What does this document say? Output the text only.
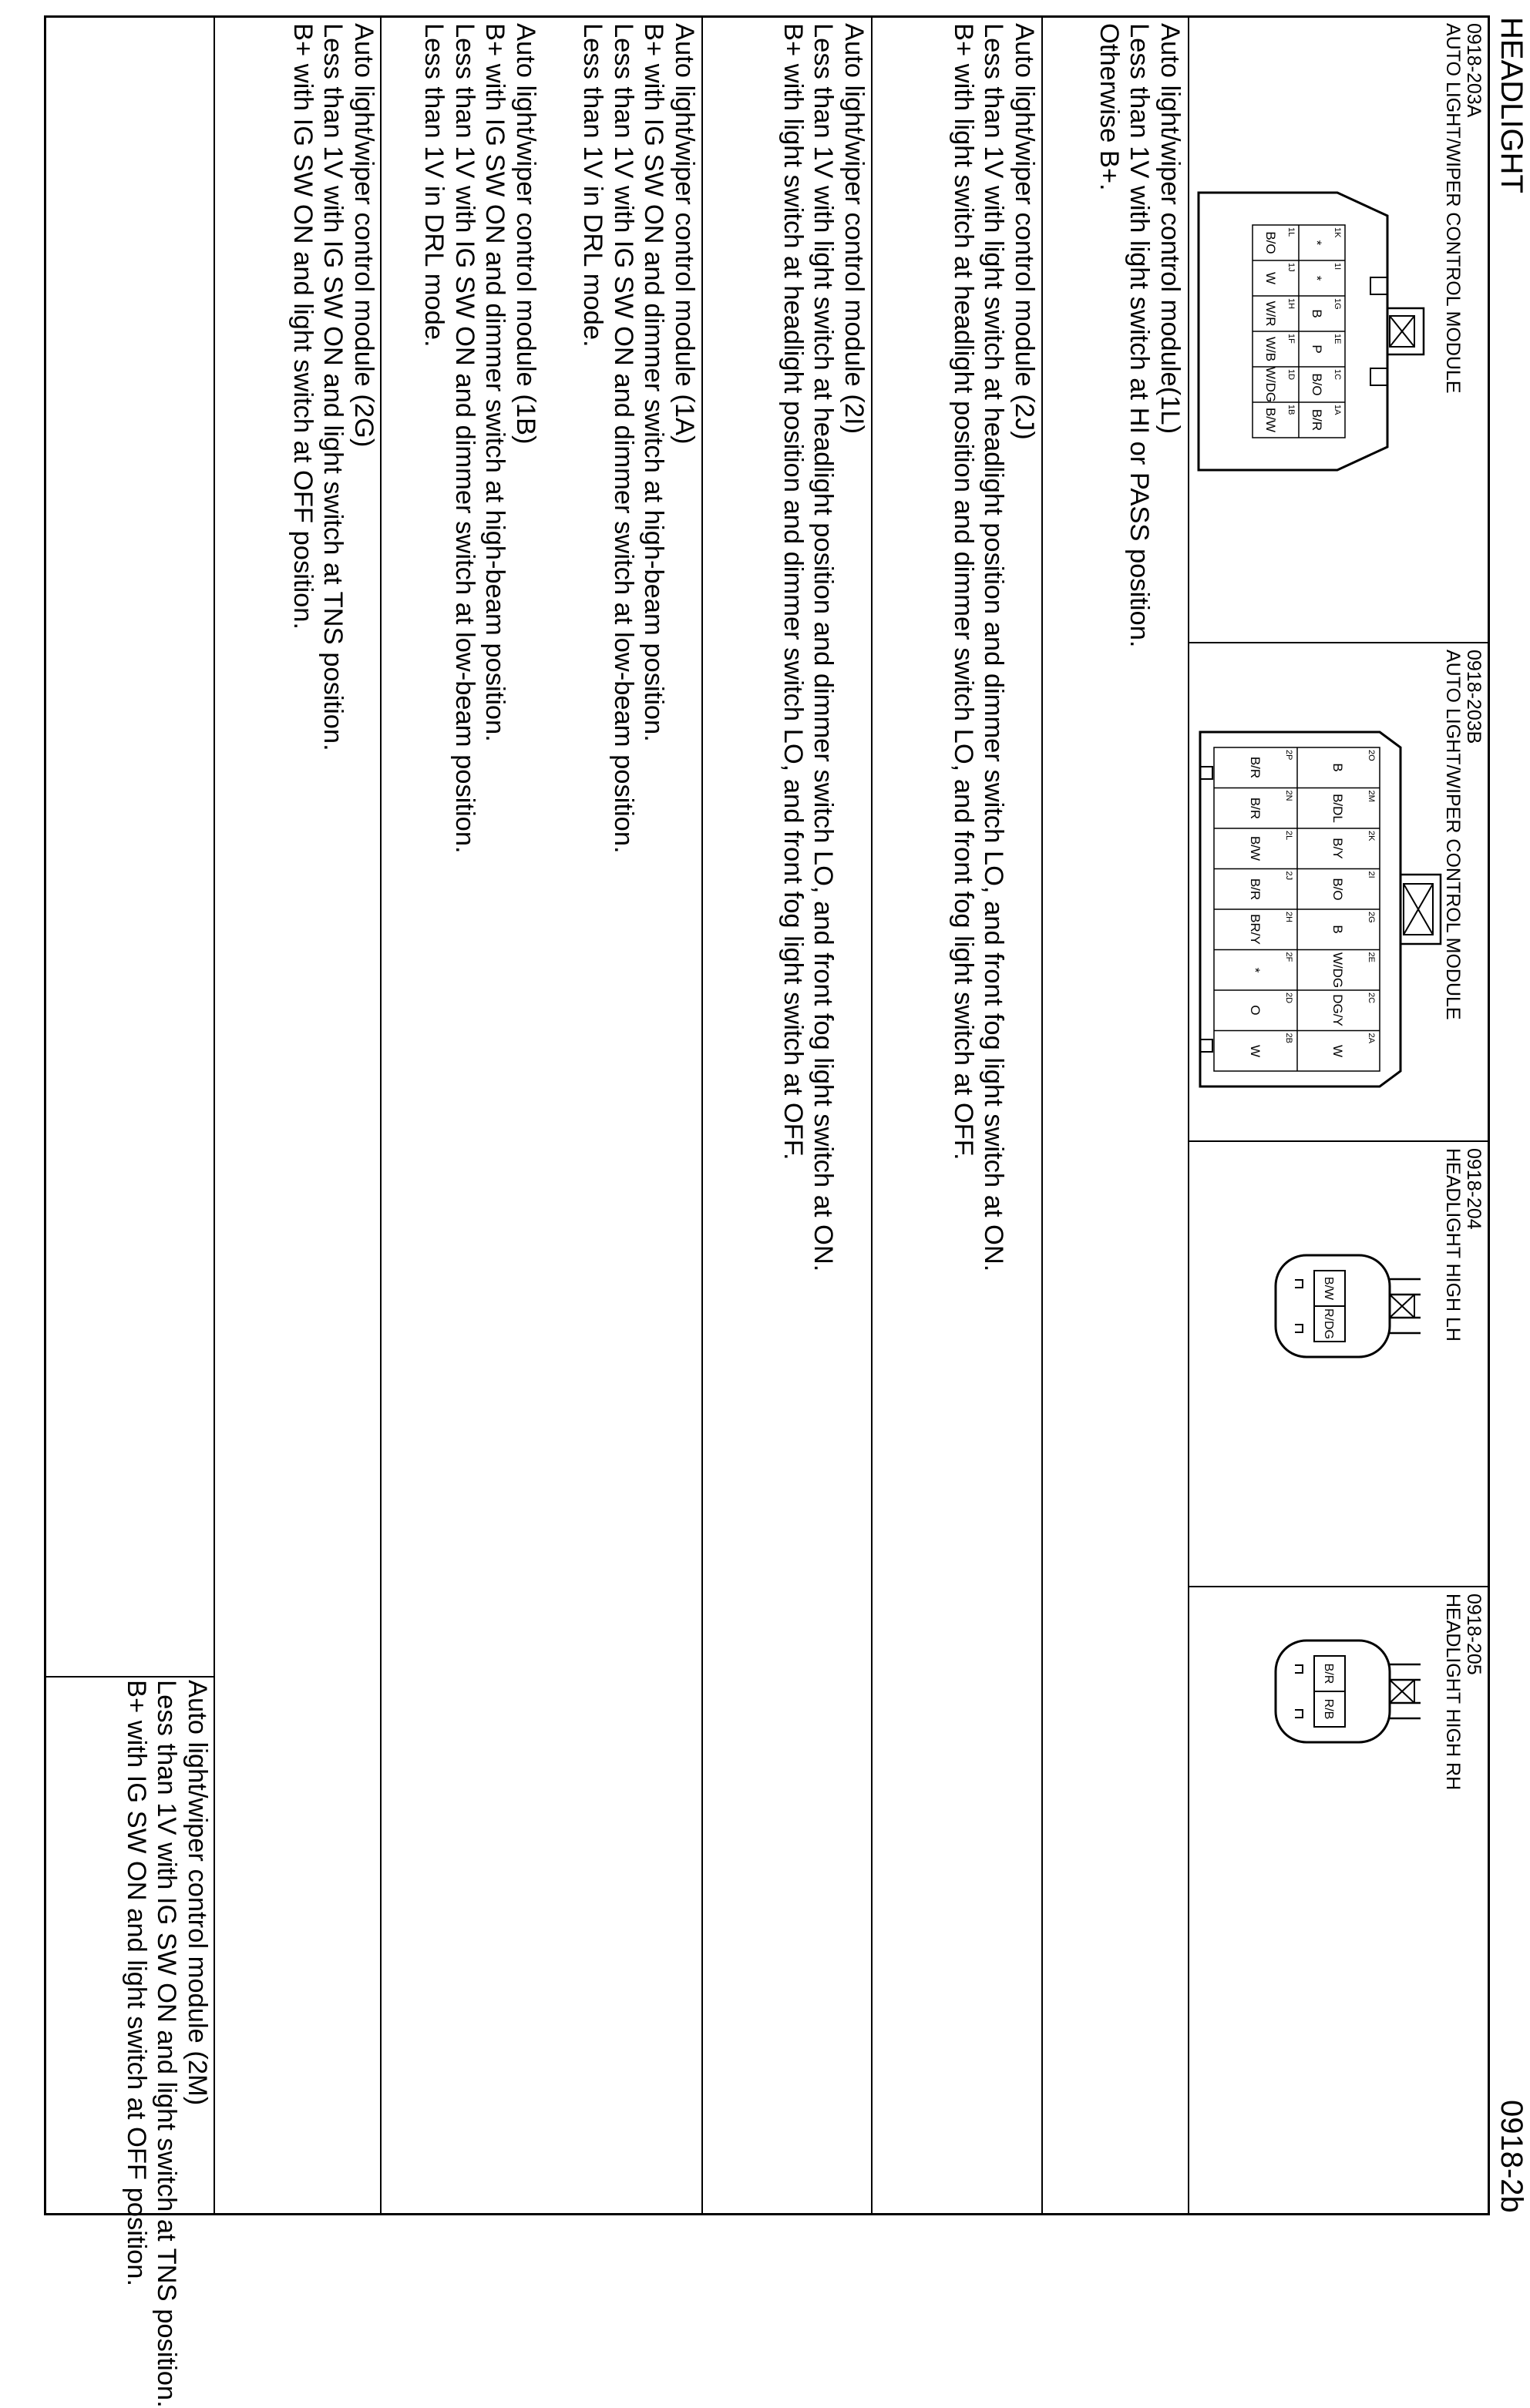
HEADLIGHT
0918-2b
0918-203A
AUTO LIGHT/WIPER CONTROL MODULE
1K
1I
1G
1E
1C
1A
1L
1J
1H
1F
1D
1B
*
*
B
P
B/O
B/R
B/O
W
W/R
W/B
W/DG
B/W
0918-203B
AUTO LIGHT/WIPER CONTROL MODULE
2O
2M
2K
2I
2G
2E
2C
2A
2P
2N
2L
2J
2H
2F
2D
2B
B
B/DL
B/Y
B/O
B
W/DG
DG/Y
W
B/R
B/R
B/W
B/R
BR/Y
*
O
W
0918-204
HEADLIGHT HIGH LH
B/W
R/DG
0918-205
HEADLIGHT HIGH RH
B/R
R/B
Auto light/wiper control module(1L)
Less than 1V with light switch at HI or PASS position.
Otherwise B+.
Auto light/wiper control module (2J)
Less than 1V with light switch at headlight position and dimmer switch LO, and front fog light switch at ON.
B+ with light switch at headlight position and dimmer switch LO, and front fog light switch at OFF.
Auto light/wiper control module (2I)
Less than 1V with light switch at headlight position and dimmer switch LO, and front fog light switch at ON.
B+ with light switch at headlight position and dimmer switch LO, and front fog light switch at OFF.
Auto light/wiper control module (1A)
B+ with IG SW ON and dimmer switch at high-beam position.
Less than 1V with IG SW ON and dimmer switch at low-beam position.
Less than 1V in DRL mode.
Auto light/wiper control module (1B)
B+ with IG SW ON and dimmer switch at high-beam position.
Less than 1V with IG SW ON and dimmer switch at low-beam position.
Less than 1V in DRL mode.
Auto light/wiper control module (2G)
Less than 1V with IG SW ON and light switch at TNS position.
B+ with IG SW ON and light switch at OFF position.
Auto light/wiper control module (2M)
Less than 1V with IG SW ON and light switch at TNS position.
B+ with IG SW ON and light switch at OFF position.
